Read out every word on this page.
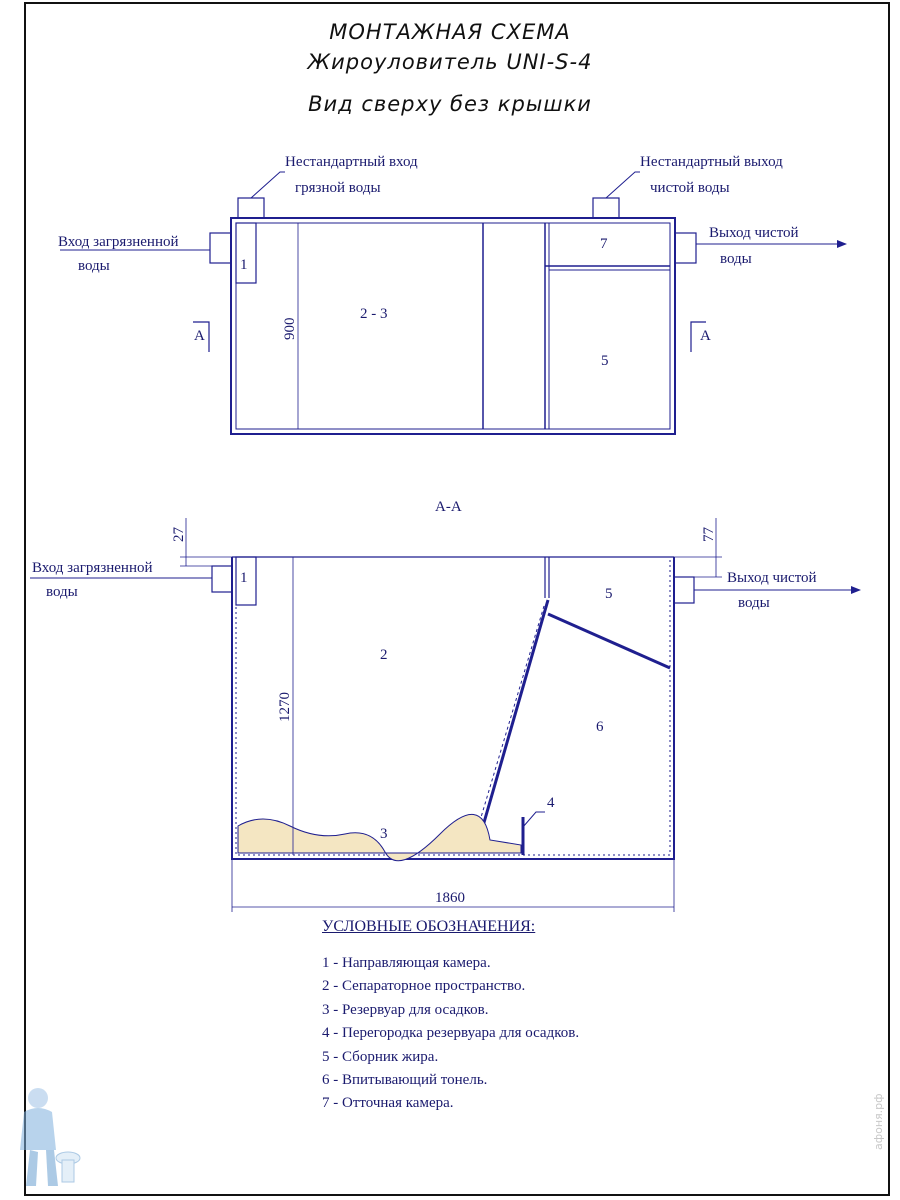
МОНТАЖНАЯ СХЕМА
Жироуловитель UNI-S-4
Вид сверху без крышки
Нестандартный вход
грязной воды
Нестандартный выход
чистой воды
Вход загрязненной
воды
Выход чистой
воды
1
2 - 3
7
5
900
A	A
A-A
Вход загрязненной
воды
Выход чистой
воды
27	77
1270
1860
1
2
3
4
5
6
УСЛОВНЫЕ ОБОЗНАЧЕНИЯ:
1 - Направляющая камера.
2 - Сепараторное пространство.
3 - Резервуар для осадков.
4 - Перегородка резервуара для осадков.
5 - Сборник жира.
6 - Впитывающий тонель.
7 - Отточная камера.	афоня.рф
